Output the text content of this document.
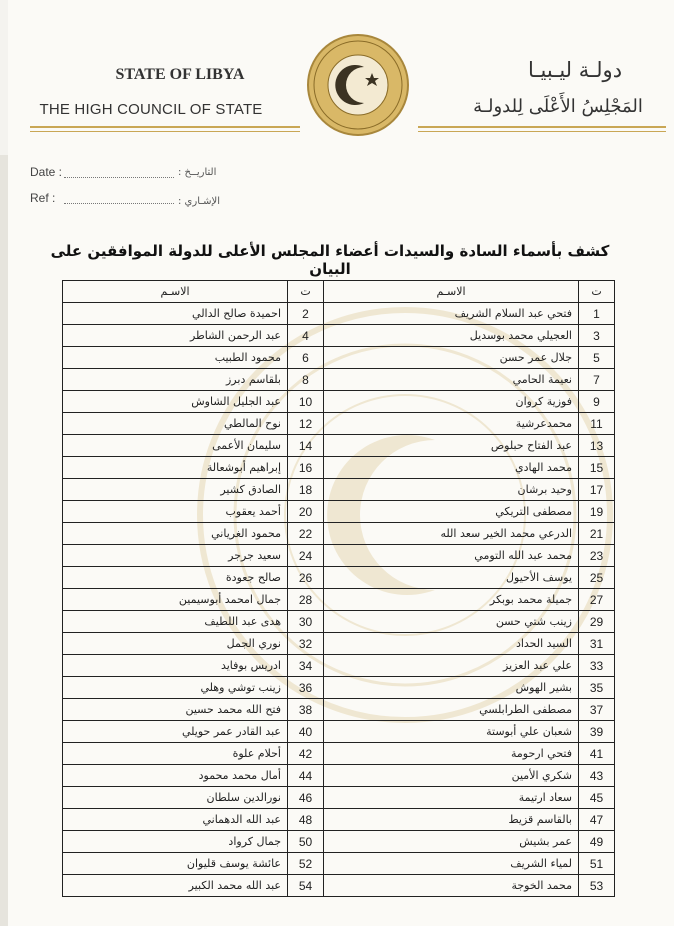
STATE OF LIBYA
THE HIGH COUNCIL OF STATE
دولـة ليـبيـا
المَجْلِسُ الأَعْلَى لِلدولـة
Date :	التاريــخ :
Ref :	الإشـاري :
كشف بأسماء السادة والسيدات أعضاء المجلس الأعلى للدولة الموافقين على البيان
ت	الاسـم	ت	الاسـم
1	فتحي عبد السلام الشريف	2	احميدة صالح الدالي
3	العجيلي محمد بوسديل	4	عبد الرحمن الشاطر
5	جلال عمر حسن	6	محمود الطبيب
7	نعيمة الحامي	8	بلقاسم دبرز
9	فوزية كروان	10	عبد الجليل الشاوش
11	محمدعرشية	12	نوح المالطي
13	عبد الفتاح حبلوص	14	سليمان الأعمى
15	محمد الهادي	16	إبراهيم أبوشعالة
17	وحيد برشان	18	الصادق كشير
19	مصطفى التريكي	20	أحمد يعقوب
21	الدرعي محمد الخير سعد الله	22	محمود الغرياني
23	محمد عبد الله التومي	24	سعيد جرجر
25	يوسف الأحيول	26	صالح جعودة
27	جميلة محمد بوبكر	28	جمال امحمد أبوسيمين
29	زينب شتي حسن	30	هدى عبد اللطيف
31	السيد الحداد	32	نوري الجمل
33	علي عبد العزيز	34	ادريس بوفايد
35	بشير الهوش	36	زينب توشي وهلي
37	مصطفى الطرابلسي	38	فتح الله محمد حسين
39	شعبان علي أبوستة	40	عبد القادر عمر حويلي
41	فتحي ارحومة	42	أحلام علوة
43	شكري الأمين	44	أمال محمد محمود
45	سعاد ارتيمة	46	نورالدين سلطان
47	بالقاسم قزيط	48	عبد الله الدهماني
49	عمر بشيش	50	جمال كرواد
51	لمياء الشريف	52	عائشة يوسف قليوان
53	محمد الخوجة	54	عبد الله محمد الكبير
